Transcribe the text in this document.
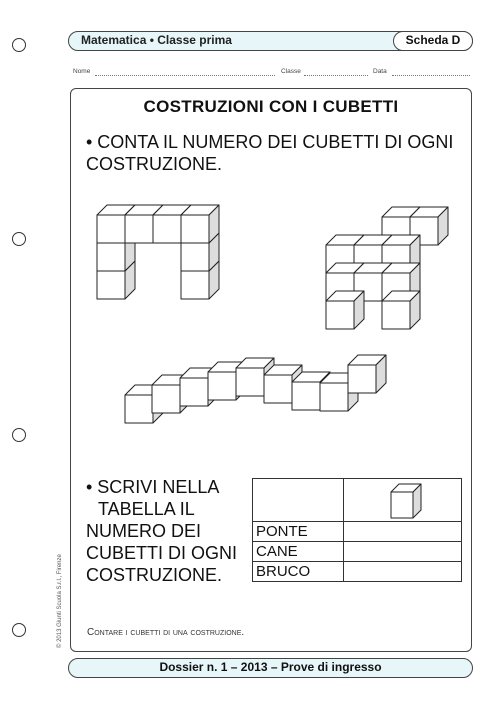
Matematica • Classe prima	Scheda D
Nome	Classe	Data
COSTRUZIONI CON I CUBETTI
• CONTA IL NUMERO DEI CUBETTI DI OGNI
COSTRUZIONE.
• SCRIVI NELLA
TABELLA IL
NUMERO DEI
CUBETTI DI OGNI
COSTRUZIONE.

PONTE	
CANE	
BRUCO	
Contare i cubetti di una costruzione.
Dossier n. 1 – 2013 – Prove di ingresso
© 2013 Giunti Scuola S.r.l., Firenze
